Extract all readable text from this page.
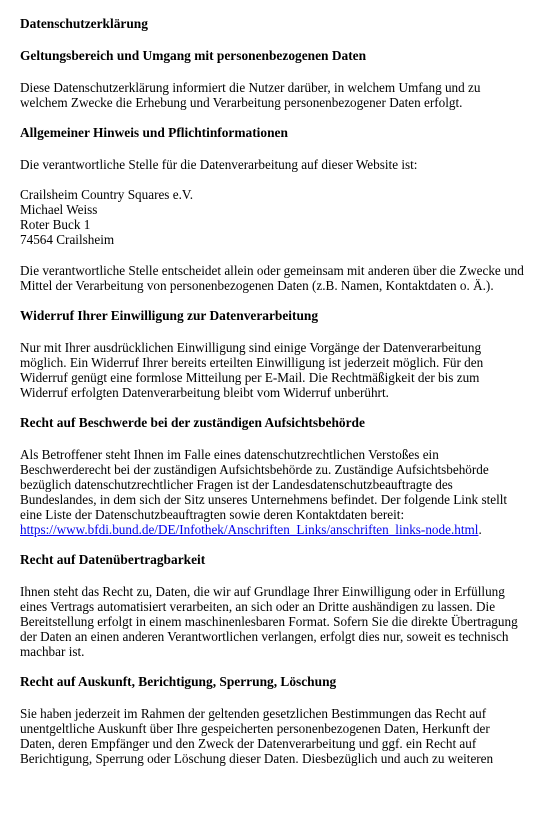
Datenschutzerklärung
Geltungsbereich und Umgang mit personenbezogenen Daten

Diese Datenschutzerklärung informiert die Nutzer darüber, in welchem Umfang und zu welchem Zwecke die Erhebung und Verarbeitung personenbezogener Daten erfolgt.

Allgemeiner Hinweis und Pflichtinformationen

Die verantwortliche Stelle für die Datenverarbeitung auf dieser Website ist:

Crailsheim Country Squares e.V.
Michael Weiss
Roter Buck 1
74564 Crailsheim

Die verantwortliche Stelle entscheidet allein oder gemeinsam mit anderen über die Zwecke und Mittel der Verarbeitung von personenbezogenen Daten (z.B. Namen, Kontaktdaten o. Ä.).

Widerruf Ihrer Einwilligung zur Datenverarbeitung

Nur mit Ihrer ausdrücklichen Einwilligung sind einige Vorgänge der Datenverarbeitung möglich. Ein Widerruf Ihrer bereits erteilten Einwilligung ist jederzeit möglich. Für den Widerruf genügt eine formlose Mitteilung per E-Mail. Die Rechtmäßigkeit der bis zum Widerruf erfolgten Datenverarbeitung bleibt vom Widerruf unberührt.

Recht auf Beschwerde bei der zuständigen Aufsichtsbehörde

Als Betroffener steht Ihnen im Falle eines datenschutzrechtlichen Verstoßes ein Beschwerderecht bei der zuständigen Aufsichtsbehörde zu. Zuständige Aufsichtsbehörde bezüglich datenschutzrechtlicher Fragen ist der Landesdatenschutzbeauftragte des Bundeslandes, in dem sich der Sitz unseres Unternehmens befindet. Der folgende Link stellt eine Liste der Datenschutzbeauftragten sowie deren Kontaktdaten bereit: https://www.bfdi.bund.de/DE/Infothek/Anschriften_Links/anschriften_links-node.html.

Recht auf Datenübertragbarkeit

Ihnen steht das Recht zu, Daten, die wir auf Grundlage Ihrer Einwilligung oder in Erfüllung eines Vertrags automatisiert verarbeiten, an sich oder an Dritte aushändigen zu lassen. Die Bereitstellung erfolgt in einem maschinenlesbaren Format. Sofern Sie die direkte Übertragung der Daten an einen anderen Verantwortlichen verlangen, erfolgt dies nur, soweit es technisch machbar ist.

Recht auf Auskunft, Berichtigung, Sperrung, Löschung

Sie haben jederzeit im Rahmen der geltenden gesetzlichen Bestimmungen das Recht auf unentgeltliche Auskunft über Ihre gespeicherten personenbezogenen Daten, Herkunft der Daten, deren Empfänger und den Zweck der Datenverarbeitung und ggf. ein Recht auf Berichtigung, Sperrung oder Löschung dieser Daten. Diesbezüglich und auch zu weiteren
